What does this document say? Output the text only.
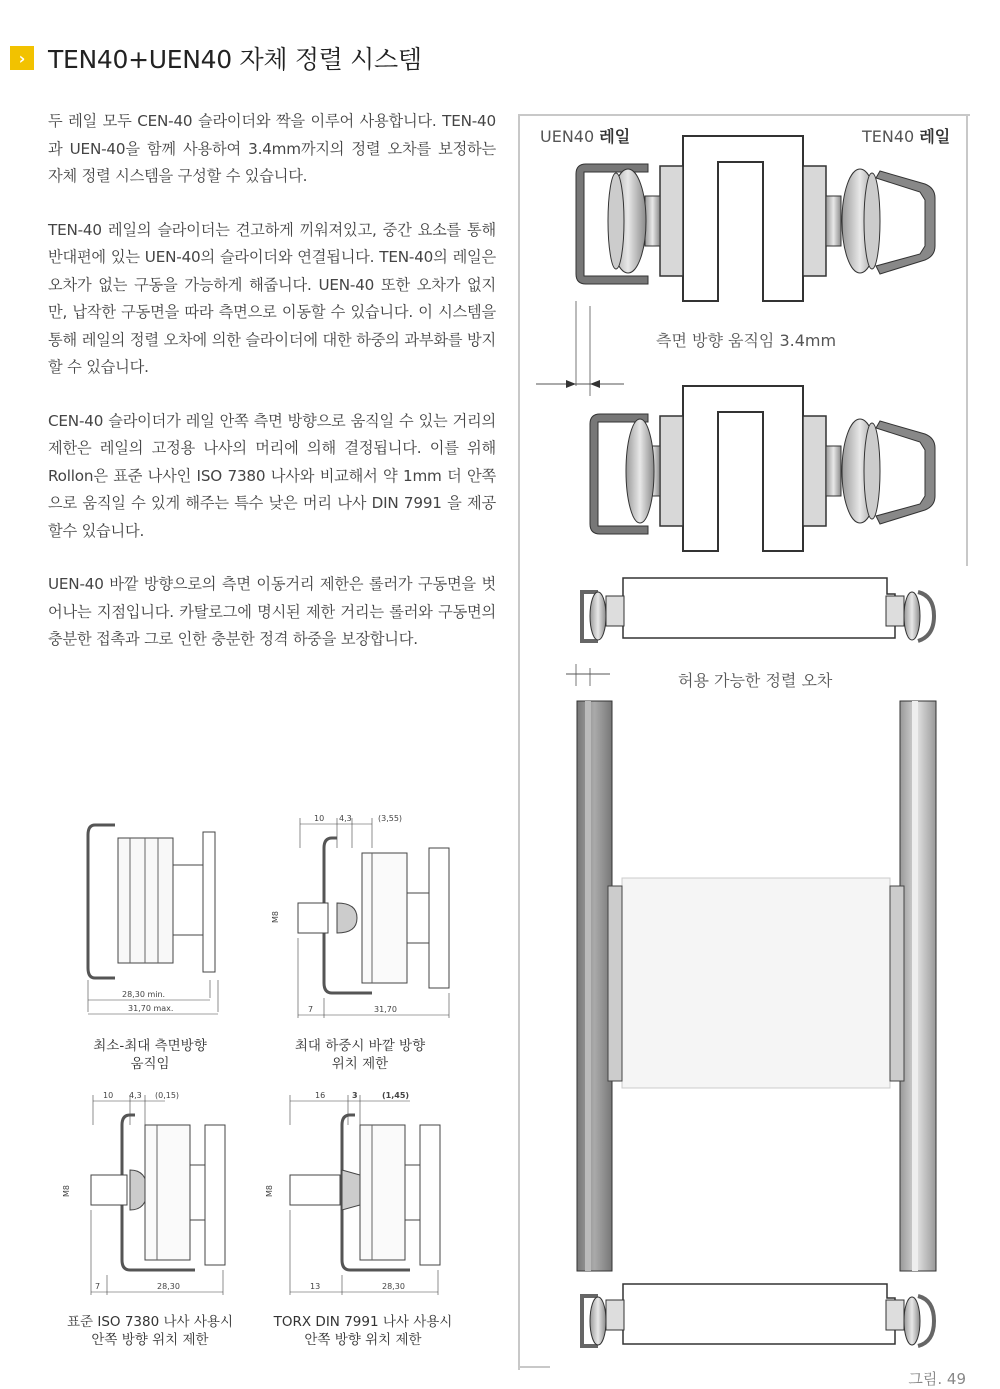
› TEN40+UEN40 자체 정렬 시스템

두 레일 모두 CEN-40 슬라이더와 짝을 이루어 사용합니다. TEN-40과 UEN-40을 함께 사용하여 3.4mm까지의 정렬 오차를 보정하는 자체 정렬 시스템을 구성할 수 있습니다.

TEN-40 레일의 슬라이더는 견고하게 끼워져있고, 중간 요소를 통해 반대편에 있는 UEN-40의 슬라이더와 연결됩니다. TEN-40의 레일은 오차가 없는 구동을 가능하게 해줍니다. UEN-40 또한 오차가 없지만, 납작한 구동면을 따라 측면으로 이동할 수 있습니다. 이 시스템을 통해 레일의 정렬 오차에 의한 슬라이더에 대한 하중의 과부화를 방지할 수 있습니다.

CEN-40 슬라이더가 레일 안쪽 측면 방향으로 움직일 수 있는 거리의 제한은 레일의 고정용 나사의 머리에 의해 결정됩니다. 이를 위해 Rollon은 표준 나사인 ISO 7380 나사와 비교해서 약 1mm 더 안쪽으로 움직일 수 있게 해주는 특수 낮은 머리 나사 DIN 7991 을 제공할수 있습니다.

UEN-40 바깥 방향으로의 측면 이동거리 제한은 롤러가 구동면을 벗어나는 지점입니다. 카탈로그에 명시된 제한 거리는 롤러와 구동면의 충분한 접촉과 그로 인한 충분한 정격 하중을 보장합니다.

UEN40 레일	TEN40 레일
측면 방향 움직임 3.4mm
허용 가능한 정렬 오차
28,30 min.
31,70 max.
최소-최대 측면방향
움직임
10 4,3	(3,55)
M8
7	31,70
최대 하중시 바깥 방향
위치 제한
10 4,3 (0,15)
M8
7	28,30
표준 ISO 7380 나사 사용시
안쪽 방향 위치 제한
16	3	(1,45)
M8
13	28,30
TORX DIN 7991 나사 사용시
안쪽 방향 위치 제한
그림. 49
